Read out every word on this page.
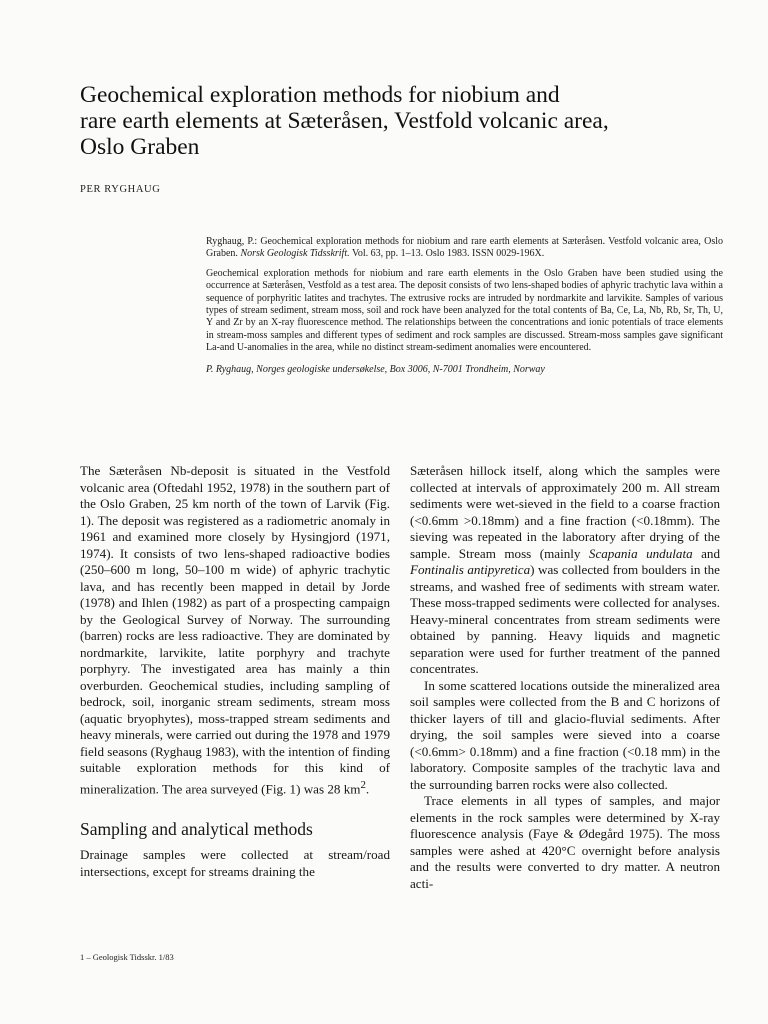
Geochemical exploration methods for niobium and
rare earth elements at Sæteråsen, Vestfold volcanic area,
Oslo Graben
PER RYGHAUG

Ryghaug, P.: Geochemical exploration methods for niobium and rare earth elements at Sæteråsen. Vestfold volcanic area, Oslo Graben. Norsk Geologisk Tidsskrift. Vol. 63, pp. 1–13. Oslo 1983. ISSN 0029-196X.

Geochemical exploration methods for niobium and rare earth elements in the Oslo Graben have been studied using the occurrence at Sæteråsen, Vestfold as a test area. The deposit consists of two lens-shaped bodies of aphyric trachytic lava within a sequence of porphyritic latites and trachytes. The extrusive rocks are intruded by nordmarkite and larvikite. Samples of various types of stream sediment, stream moss, soil and rock have been analyzed for the total contents of Ba, Ce, La, Nb, Rb, Sr, Th, U, Y and Zr by an X-ray fluorescence method. The relationships between the concentrations and ionic potentials of trace elements in stream-moss samples and different types of sediment and rock samples are discussed. Stream-moss samples gave significant La-and U-anomalies in the area, while no distinct stream-sediment anomalies were encountered.

P. Ryghaug, Norges geologiske undersøkelse, Box 3006, N-7001 Trondheim, Norway

The Sæteråsen Nb-deposit is situated in the Vestfold volcanic area (Oftedahl 1952, 1978) in the southern part of the Oslo Graben, 25 km north of the town of Larvik (Fig. 1). The deposit was registered as a radiometric anomaly in 1961 and examined more closely by Hysingjord (1971, 1974). It consists of two lens-shaped radioactive bodies (250–600 m long, 50–100 m wide) of aphyric trachytic lava, and has recently been mapped in detail by Jorde (1978) and Ihlen (1982) as part of a prospecting campaign by the Geological Survey of Norway. The surrounding (barren) rocks are less radioactive. They are dominated by nordmarkite, larvikite, latite porphyry and trachyte porphyry. The investigated area has mainly a thin overburden. Geochemical studies, including sampling of bedrock, soil, inorganic stream sediments, stream moss (aquatic bryophytes), moss-trapped stream sediments and heavy minerals, were carried out during the 1978 and 1979 field seasons (Ryghaug 1983), with the intention of finding suitable exploration methods for this kind of mineralization. The area surveyed (Fig. 1) was 28 $km^2$.

Sampling and analytical methods

Drainage samples were collected at stream/road intersections, except for streams draining the

Sæteråsen hillock itself, along which the samples were collected at intervals of approximately 200 m. All stream sediments were wet-sieved in the field to a coarse fraction (<0.6mm >0.18mm) and a fine fraction (<0.18mm). The sieving was repeated in the laboratory after drying of the sample. Stream moss (mainly Scapania undulata and Fontinalis antipyretica) was collected from boulders in the streams, and washed free of sediments with stream water. These moss-trapped sediments were collected for analyses. Heavy-mineral concentrates from stream sediments were obtained by panning. Heavy liquids and magnetic separation were used for further treatment of the panned concentrates.

In some scattered locations outside the mineralized area soil samples were collected from the B and C horizons of thicker layers of till and glacio-fluvial sediments. After drying, the soil samples were sieved into a coarse (<0.6mm> 0.18mm) and a fine fraction (<0.18 mm) in the laboratory. Composite samples of the trachytic lava and the surrounding barren rocks were also collected.

Trace elements in all types of samples, and major elements in the rock samples were determined by X-ray fluorescence analysis (Faye & Ødegård 1975). The moss samples were ashed at 420°C overnight before analysis and the results were converted to dry matter. A neutron acti-

1 – Geologisk Tidsskr. 1/83
